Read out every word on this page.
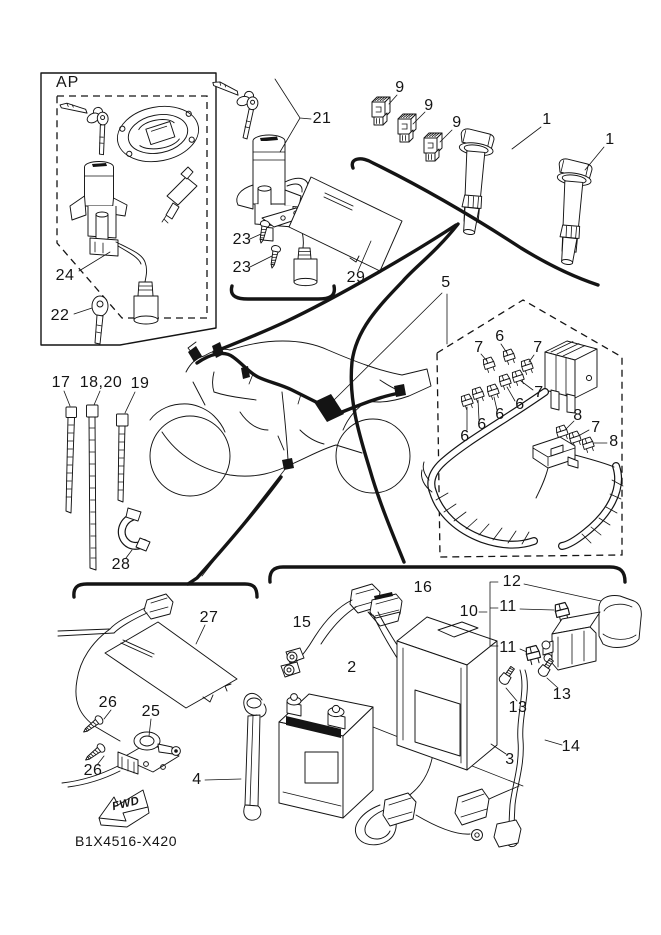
AP
FWD
B1X4516-X420
24
22
21
23
23
29
9
9
9	1
1
5
7
6
7
7
6
6
6
6
8
7
8
17 18,20 19
28
27
26
25
26
4
2
15
16
10
12
11
11
13
13
14
3
